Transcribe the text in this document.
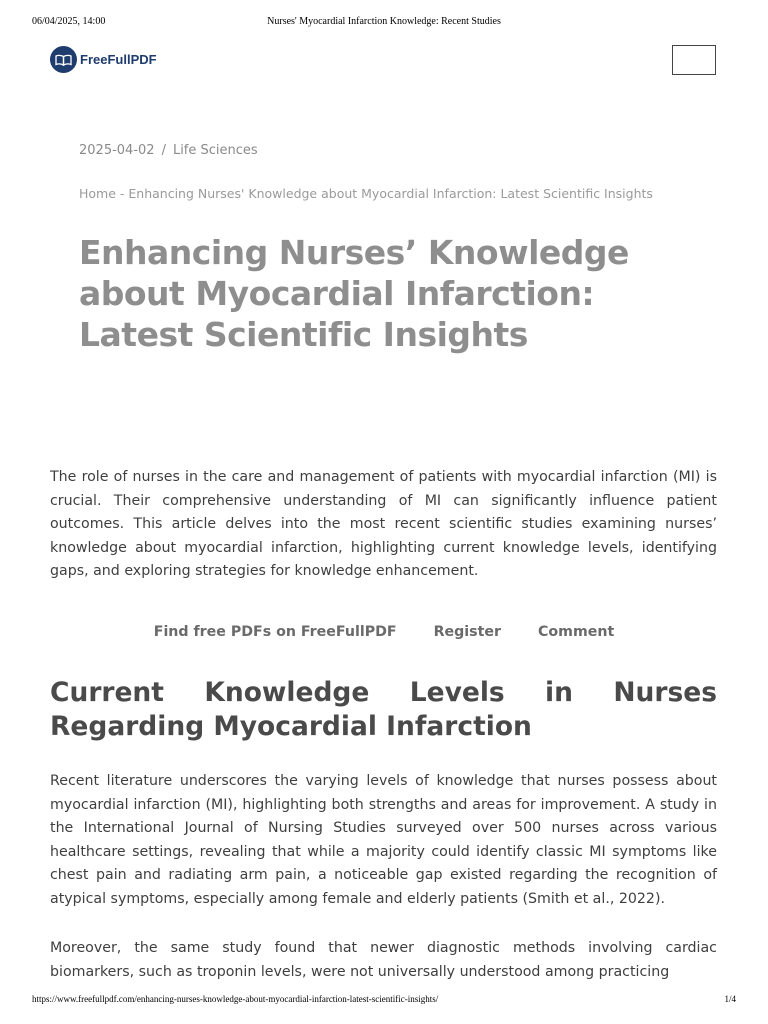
06/04/2025, 14:00	Nurses' Myocardial Infarction Knowledge: Recent Studies
FreeFullPDF
2025-04-02 / Life Sciences
Home - Enhancing Nurses' Knowledge about Myocardial Infarction: Latest Scientific Insights
Enhancing Nurses’ Knowledge about Myocardial Infarction: Latest Scientific Insights

The role of nurses in the care and management of patients with myocardial infarction (MI) is crucial. Their comprehensive understanding of MI can significantly influence patient outcomes. This article delves into the most recent scientific studies examining nurses’ knowledge about myocardial infarction, highlighting current knowledge levels, identifying gaps, and exploring strategies for knowledge enhancement.

Find free PDFs on FreeFullPDF	Register	Comment
Current Knowledge Levels in Nurses Regarding Myocardial Infarction

Recent literature underscores the varying levels of knowledge that nurses possess about myocardial infarction (MI), highlighting both strengths and areas for improvement. A study in the International Journal of Nursing Studies surveyed over 500 nurses across various healthcare settings, revealing that while a majority could identify classic MI symptoms like chest pain and radiating arm pain, a noticeable gap existed regarding the recognition of atypical symptoms, especially among female and elderly patients (Smith et al., 2022).

Moreover, the same study found that newer diagnostic methods involving cardiac biomarkers, such as troponin levels, were not universally understood among practicing

https://www.freefullpdf.com/enhancing-nurses-knowledge-about-myocardial-infarction-latest-scientific-insights/	1/4
